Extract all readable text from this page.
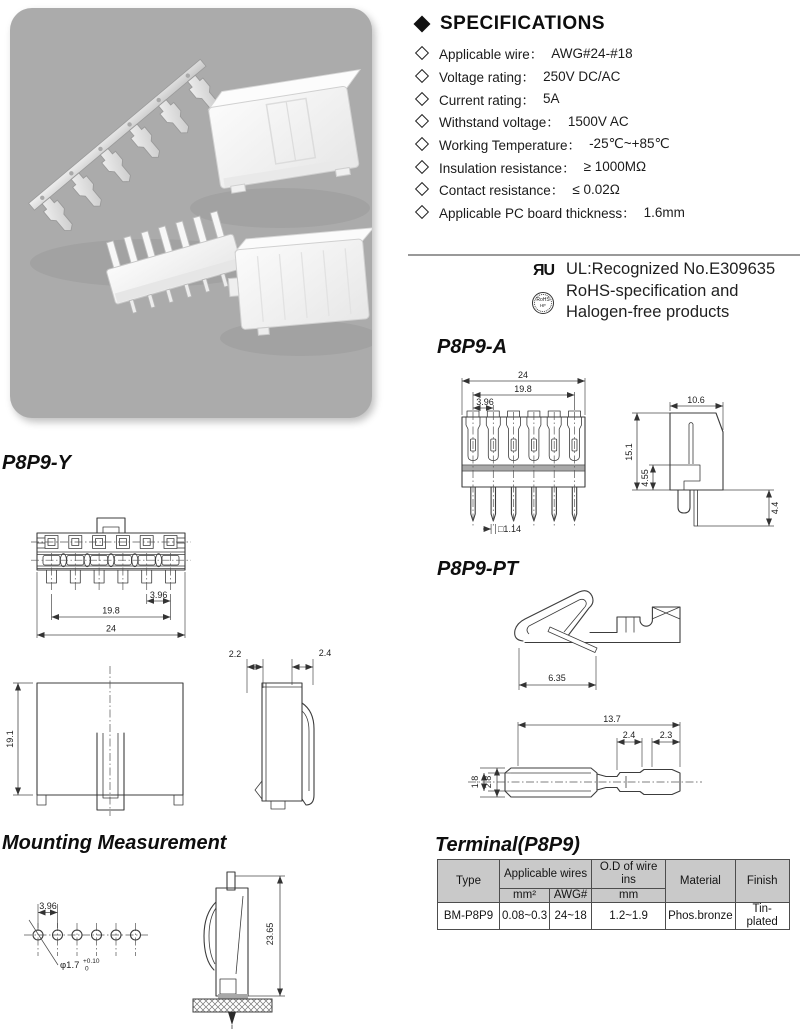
SPECIFICATIONS
Applicable wire： AWG#24-#18
Voltage rating： 250V DC/AC
Current rating： 5A
Withstand voltage： 1500V AC
Working Temperature： -25℃~+85℃
Insulation resistance： ≥ 1000MΩ
Contact resistance： ≤ 0.02Ω
Applicable PC board thickness： 1.6mm
ЯU
RoHS
HF
UL:Recognized No.E309635
RoHS-specification and
Halogen-free products
P8P9-Y
P8P9-A
P8P9-PT
Mounting Measurement	Terminal(P8P9)
3.96
19.8
24
19.1
2.2	2.4
24
19.8
3.96
□1.14
10.6
15.1
4.55
4.4
6.35
13.7
2.4	2.3
1.8 2.8
3.96
φ1.7 +0.10
0
23.65
Type	Applicable wires		O.D of wire ins	Material	Finish
	mm²	AWG#	mm		
BM-P8P9	0.08~0.3	24~18	1.2~1.9	Phos.bronze	Tin-plated
